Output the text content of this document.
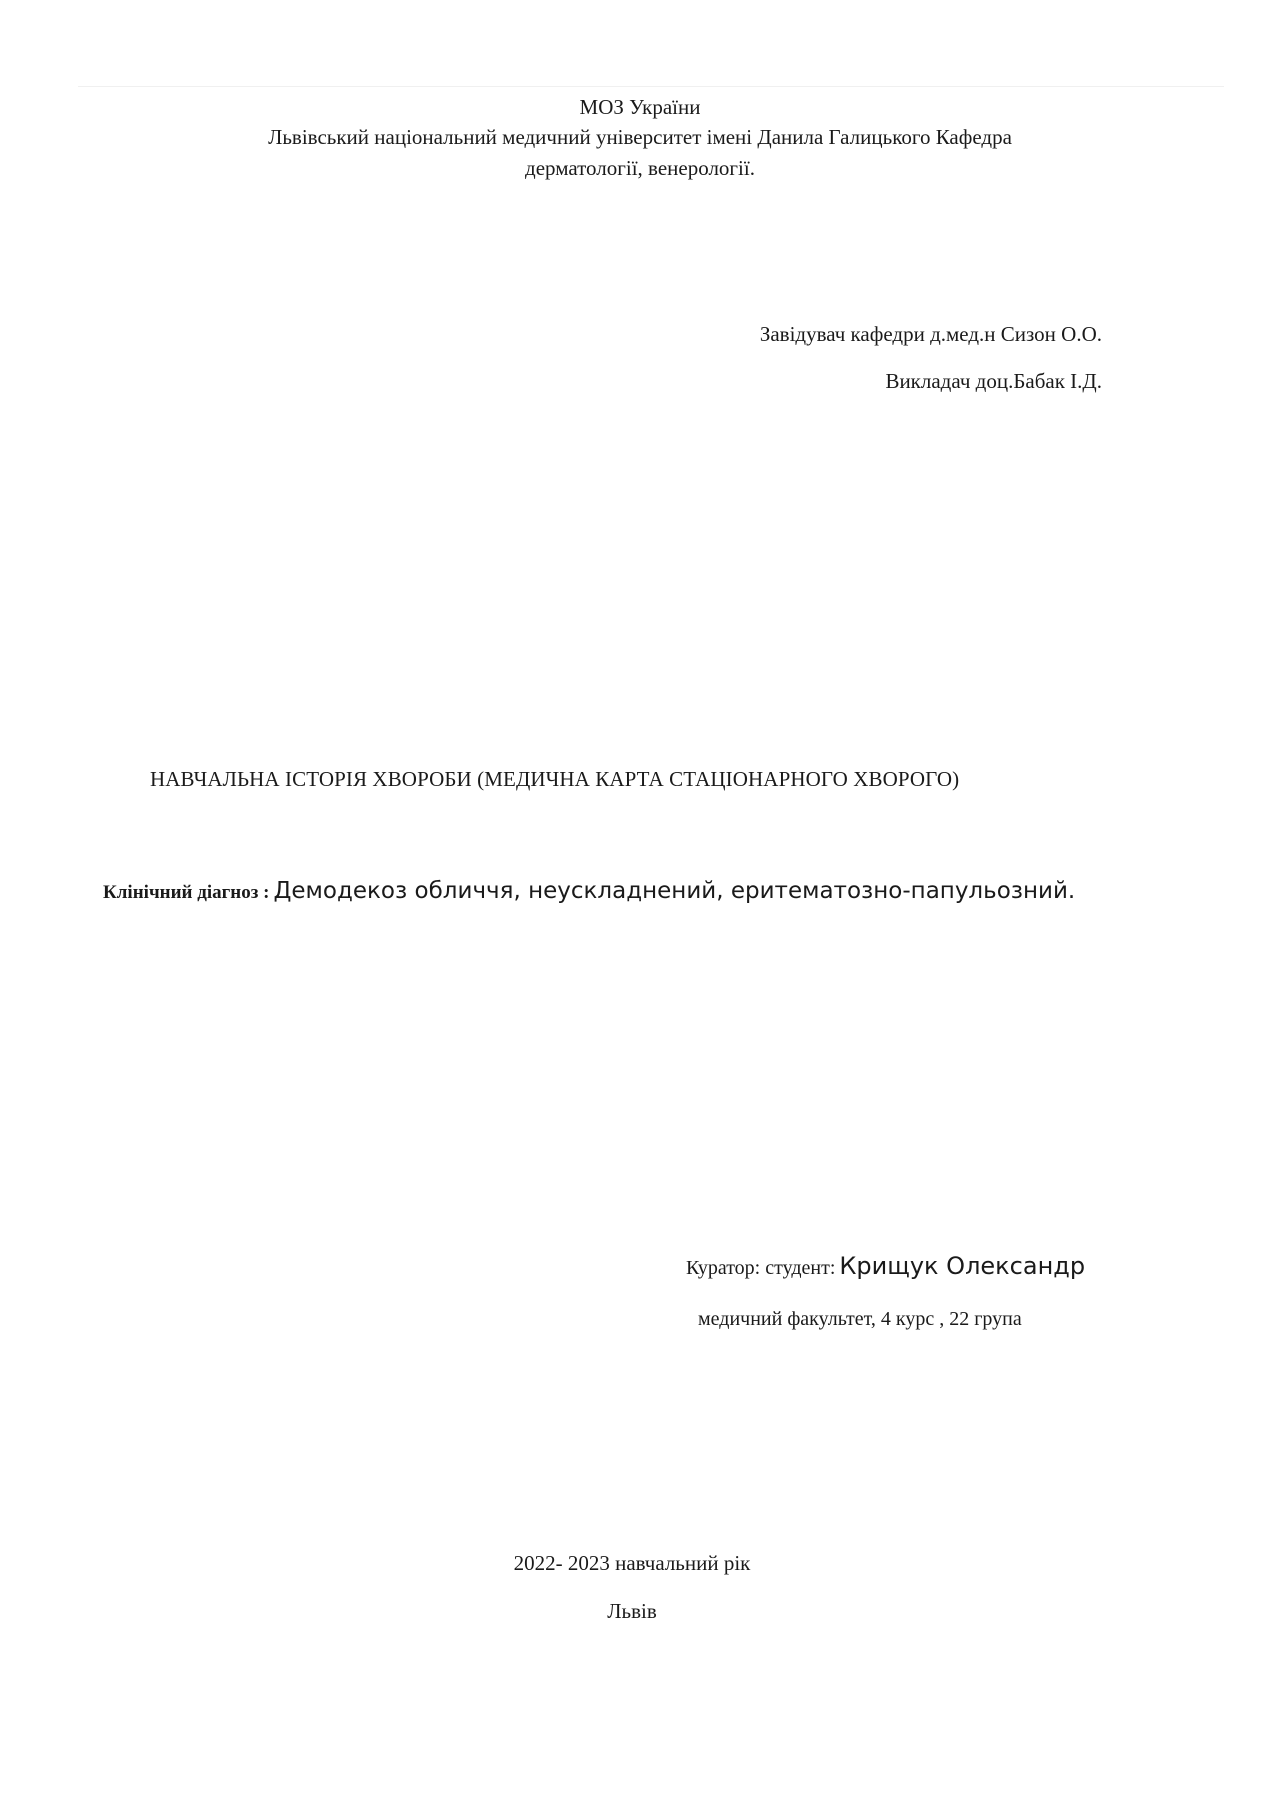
МОЗ України
Львівський національний медичний університет імені Данила Галицького Кафедра
дерматології, венерології.
Завідувач кафедри д.мед.н Сизон О.О.
Викладач доц.Бабак І.Д.
НАВЧАЛЬНА ІСТОРІЯ ХВОРОБИ (МЕДИЧНА КАРТА СТАЦІОНАРНОГО ХВОРОГО)
Клінічний діагноз : Демодекоз обличчя, неускладнений, еритематозно-папульозний.
Куратор: студент: Крищук Олександр
медичний факультет, 4 курс , 22 група
2022- 2023 навчальний рік
Львів
